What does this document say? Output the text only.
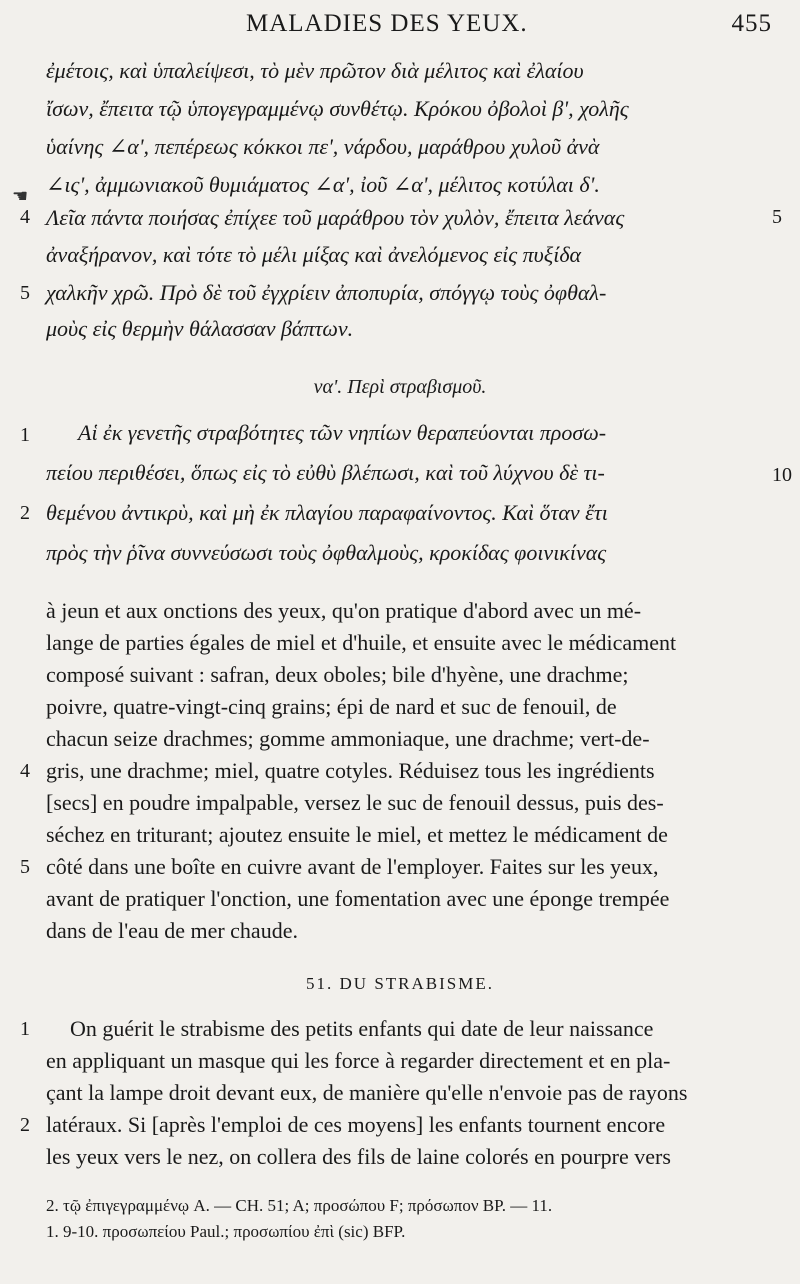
MALADIES DES YEUX.	455
☚
ἐμέτοις, καὶ ὑπαλείψεσι, τὸ μὲν πρῶτον διὰ μέλιτος καὶ ἐλαίου
ἴσων, ἔπειτα τῷ ὑπογεγραμμένῳ συνθέτῳ. Κρόκου ὀβολοὶ β', χολῆς
ὑαίνης ∠α', πεπέρεως κόκκοι πε', νάρδου, μαράθρου χυλοῦ ἀνὰ
∠ις', ἀμμωνιακοῦ θυμιάματος ∠α', ἰοῦ ∠α', μέλιτος κοτύλαι δ'.
4 Λεῖα πάντα ποιήσας ἐπίχεε τοῦ μαράθρου τὸν χυλὸν, ἔπειτα λεάνας	5
ἀναξήρανον, καὶ τότε τὸ μέλι μίξας καὶ ἀνελόμενος εἰς πυξίδα
5 χαλκῆν χρῶ. Πρὸ δὲ τοῦ ἐγχρίειν ἀποπυρία, σπόγγῳ τοὺς ὀφθαλ-
μοὺς εἰς θερμὴν θάλασσαν βάπτων.
να'. Περὶ στραβισμοῦ.
1 Αἱ ἐκ γενετῆς στραβότητες τῶν νηπίων θεραπεύονται προσω-
πείου περιθέσει, ὅπως εἰς τὸ εὐθὺ βλέπωσι, καὶ τοῦ λύχνου δὲ τι-	10
2 θεμένου ἀντικρὺ, καὶ μὴ ἐκ πλαγίου παραφαίνοντος. Καὶ ὅταν ἔτι
πρὸς τὴν ῥῖνα συννεύσωσι τοὺς ὀφθαλμοὺς, κροκίδας φοινικίνας
à jeun et aux onctions des yeux, qu'on pratique d'abord avec un mé-
lange de parties égales de miel et d'huile, et ensuite avec le médicament
composé suivant : safran, deux oboles; bile d'hyène, une drachme;
poivre, quatre-vingt-cinq grains; épi de nard et suc de fenouil, de
chacun seize drachmes; gomme ammoniaque, une drachme; vert-de-
4 gris, une drachme; miel, quatre cotyles. Réduisez tous les ingrédients
[secs] en poudre impalpable, versez le suc de fenouil dessus, puis des-
séchez en triturant; ajoutez ensuite le miel, et mettez le médicament de
5 côté dans une boîte en cuivre avant de l'employer. Faites sur les yeux,
avant de pratiquer l'onction, une fomentation avec une éponge trempée
dans de l'eau de mer chaude.
51. DU STRABISME.
1 On guérit le strabisme des petits enfants qui date de leur naissance
en appliquant un masque qui les force à regarder directement et en pla-
çant la lampe droit devant eux, de manière qu'elle n'envoie pas de rayons
2 latéraux. Si [après l'emploi de ces moyens] les enfants tournent encore
les yeux vers le nez, on collera des fils de laine colorés en pourpre vers
2. τῷ ἐπιγεγραμμένῳ A. — CH. 51; A; προσώπου F; πρόσωπον BP. — 11.
1. 9-10. προσωπείου Paul.; προσωπίου ἐπὶ (sic) BFP.
